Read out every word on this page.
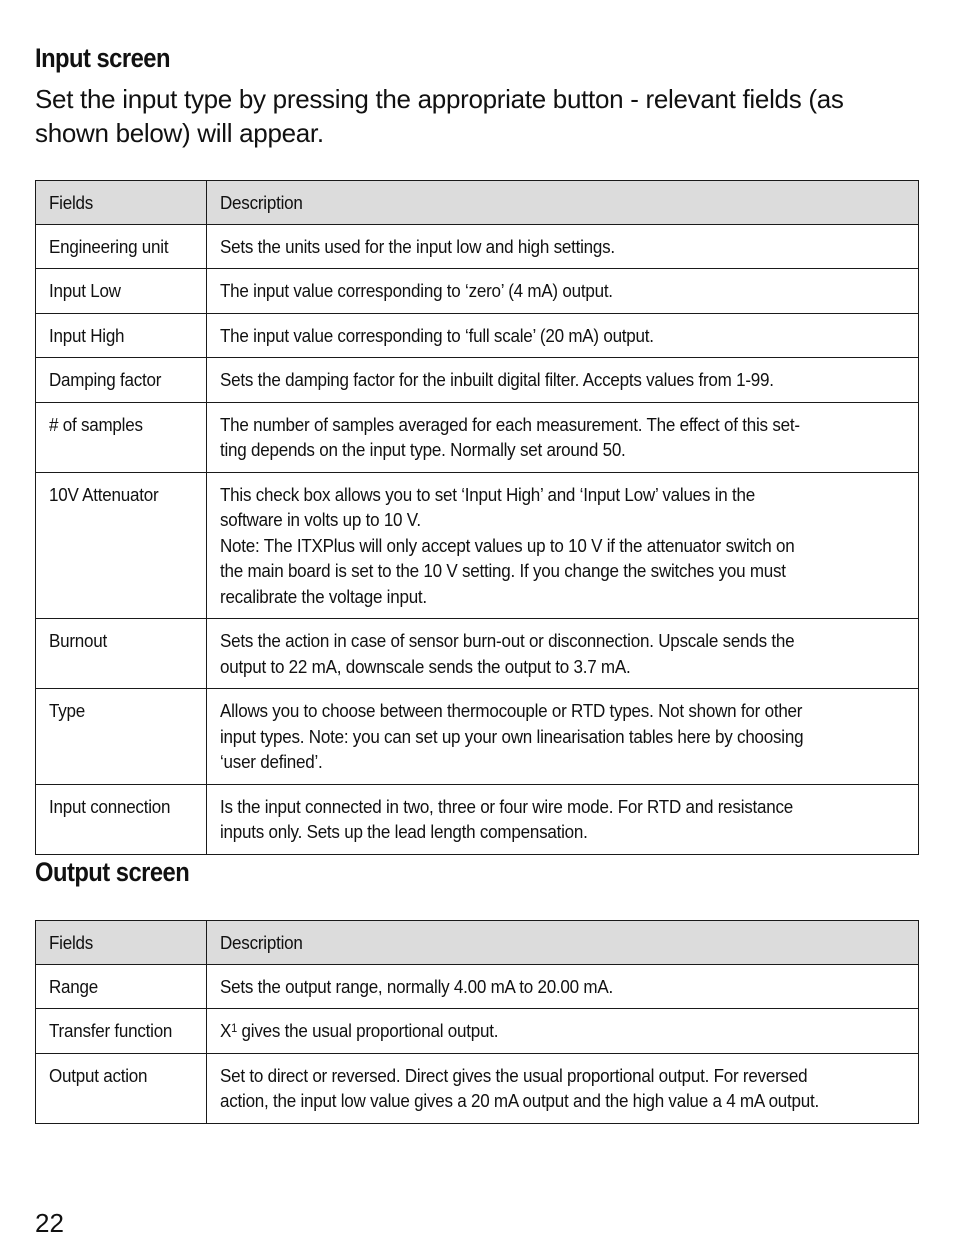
Input screen

Set the input type by pressing the appropriate button - relevant fields (as shown below) will appear.

Fields	Description

Engineering unit	Sets the units used for the input low and high settings.

Input Low	The input value corresponding to ‘zero’ (4 mA) output.

Input High	The input value corresponding to ‘full scale’ (20 mA) output.

Damping factor	Sets the damping factor for the inbuilt digital filter. Accepts values from 1-99.

# of samples	The number of samples averaged for each measurement. The effect of this set-
ting depends on the input type. Normally set around 50.

10V Attenuator	This check box allows you to set ‘Input High’ and ‘Input Low’ values in the
software in volts up to 10 V.
Note: The ITXPlus will only accept values up to 10 V if the attenuator switch on
the main board is set to the 10 V setting. If you change the switches you must
recalibrate the voltage input.

Burnout	Sets the action in case of sensor burn-out or disconnection. Upscale sends the
output to 22 mA, downscale sends the output to 3.7 mA.

Type	Allows you to choose between thermocouple or RTD types. Not shown for other
input types. Note: you can set up your own linearisation tables here by choosing
‘user defined’.

Input connection	Is the input connected in two, three or four wire mode. For RTD and resistance
inputs only. Sets up the lead length compensation.
Output screen
Fields	Description

Range	Sets the output range, normally 4.00 mA to 20.00 mA.

Transfer function	$X^1$ gives the usual proportional output.

Output action	Set to direct or reversed. Direct gives the usual proportional output. For reversed
action, the input low value gives a 20 mA output and the high value a 4 mA output.

22
